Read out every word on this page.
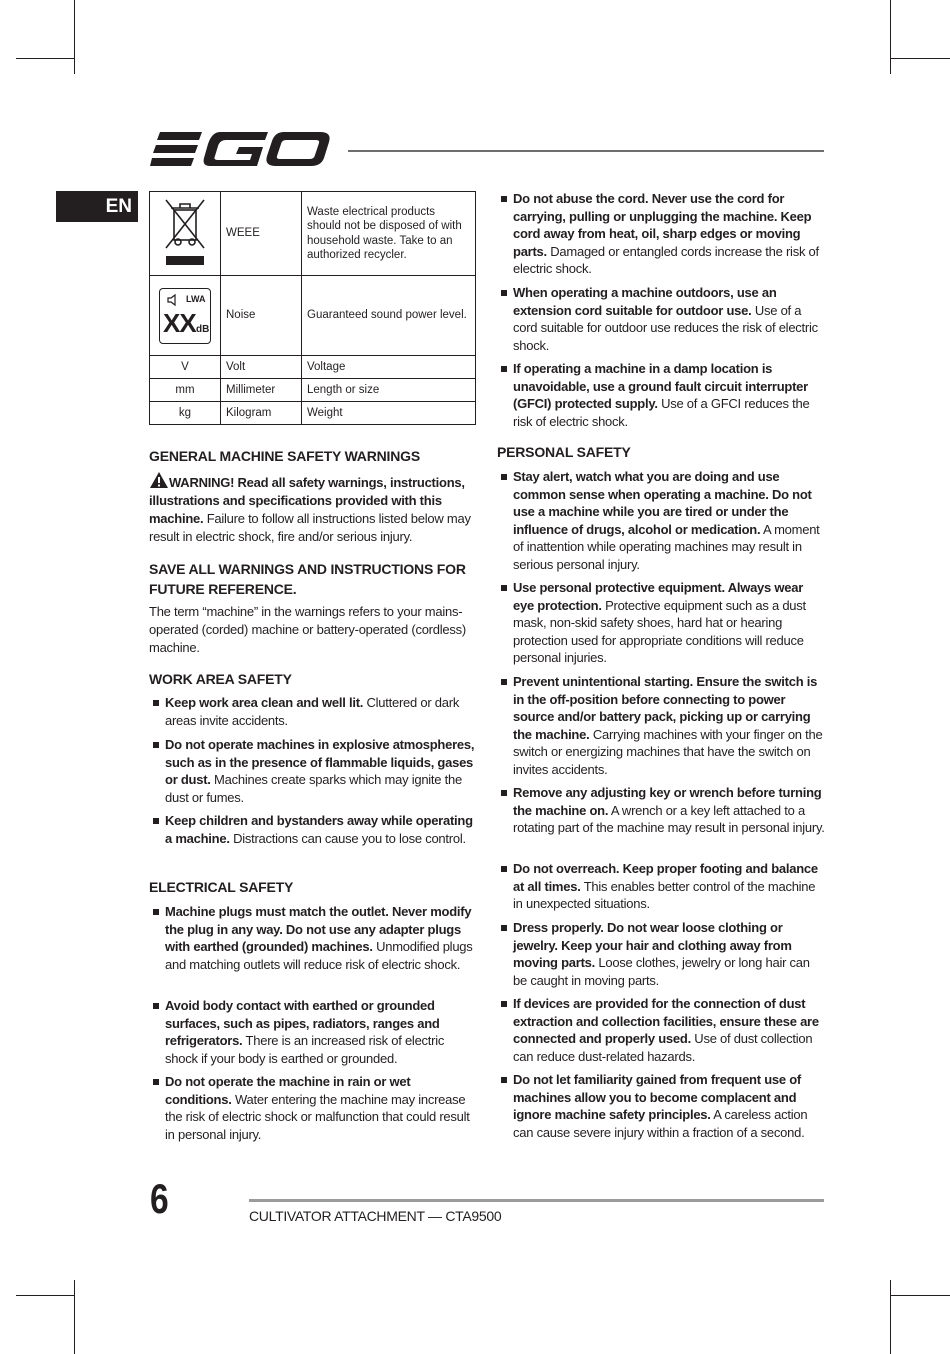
EN
	WEEE	Waste electrical products should not be disposed of with household waste. Take to an authorized recycler.

LWA
XX dB	Noise	Guaranteed sound power level.
V	Volt	Voltage
mm	Millimeter	Length or size
kg	Kilogram	Weight
GENERAL MACHINE SAFETY WARNINGS
WARNING! Read all safety warnings, instructions, illustrations and specifications provided with this machine. Failure to follow all instructions listed below may result in electric shock, fire and/or serious injury.
SAVE ALL WARNINGS AND INSTRUCTIONS FOR FUTURE REFERENCE.
The term “machine” in the warnings refers to your mains-operated (corded) machine or battery-operated (cordless) machine.
WORK AREA SAFETY
Keep work area clean and well lit. Cluttered or dark areas invite accidents.
Do not operate machines in explosive atmospheres, such as in the presence of flammable liquids, gases or dust. Machines create sparks which may ignite the dust or fumes.
Keep children and bystanders away while operating a machine. Distractions can cause you to lose control.
ELECTRICAL SAFETY
Machine plugs must match the outlet. Never modify the plug in any way. Do not use any adapter plugs with earthed (grounded) machines. Unmodified plugs and matching outlets will reduce risk of electric shock.
Avoid body contact with earthed or grounded surfaces, such as pipes, radiators, ranges and refrigerators. There is an increased risk of electric shock if your body is earthed or grounded.
Do not operate the machine in rain or wet conditions. Water entering the machine may increase the risk of electric shock or malfunction that could result in personal injury.
Do not abuse the cord. Never use the cord for carrying, pulling or unplugging the machine. Keep cord away from heat, oil, sharp edges or moving parts. Damaged or entangled cords increase the risk of electric shock.
When operating a machine outdoors, use an extension cord suitable for outdoor use. Use of a cord suitable for outdoor use reduces the risk of electric shock.
If operating a machine in a damp location is unavoidable, use a ground fault circuit interrupter (GFCI) protected supply. Use of a GFCI reduces the risk of electric shock.
PERSONAL SAFETY
Stay alert, watch what you are doing and use common sense when operating a machine. Do not use a machine while you are tired or under the influence of drugs, alcohol or medication. A moment of inattention while operating machines may result in serious personal injury.
Use personal protective equipment. Always wear eye protection. Protective equipment such as a dust mask, non-skid safety shoes, hard hat or hearing protection used for appropriate conditions will reduce personal injuries.
Prevent unintentional starting. Ensure the switch is in the off-position before connecting to power source and/or battery pack, picking up or carrying the machine. Carrying machines with your finger on the switch or energizing machines that have the switch on invites accidents.
Remove any adjusting key or wrench before turning the machine on. A wrench or a key left attached to a rotating part of the machine may result in personal injury.
Do not overreach. Keep proper footing and balance at all times. This enables better control of the machine in unexpected situations.
Dress properly. Do not wear loose clothing or jewelry. Keep your hair and clothing away from moving parts. Loose clothes, jewelry or long hair can be caught in moving parts.
If devices are provided for the connection of dust extraction and collection facilities, ensure these are connected and properly used. Use of dust collection can reduce dust-related hazards.
Do not let familiarity gained from frequent use of machines allow you to become complacent and ignore machine safety principles. A careless action can cause severe injury within a fraction of a second.
6	CULTIVATOR ATTACHMENT — CTA9500
